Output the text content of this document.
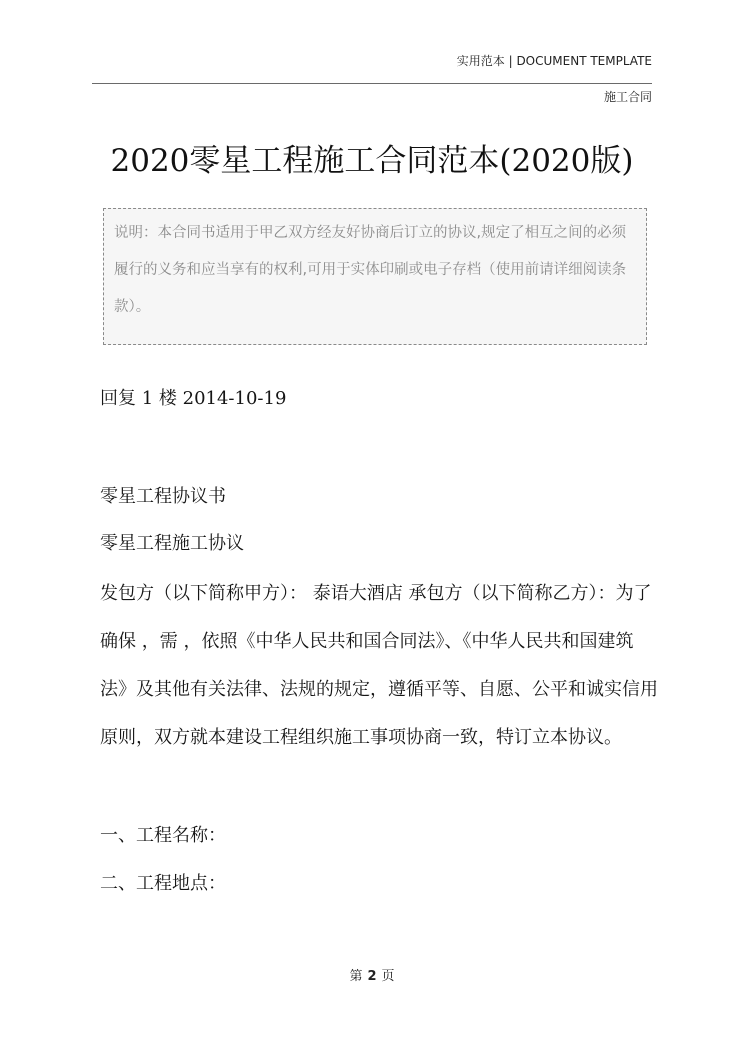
实用范本 | DOCUMENT TEMPLATE
施工合同
2020零星工程施工合同范本(2020版)

说明：本合同书适用于甲乙双方经友好协商后订立的协议,规定了相互之间的必须履行的义务和应当享有的权利,可用于实体印刷或电子存档（使用前请详细阅读条款）。

回复 1 楼 2014-10-19
零星工程协议书
零星工程施工协议

发包方（以下简称甲方）： 泰语大酒店 承包方（以下简称乙方）：为了确保 ，需 ，依照《中华人民共和国合同法》、《中华人民共和国建筑法》及其他有关法律、法规的规定，遵循平等、自愿、公平和诚实信用原则，双方就本建设工程组织施工事项协商一致，特订立本协议。

一、工程名称：
二、工程地点：
第 2 页
